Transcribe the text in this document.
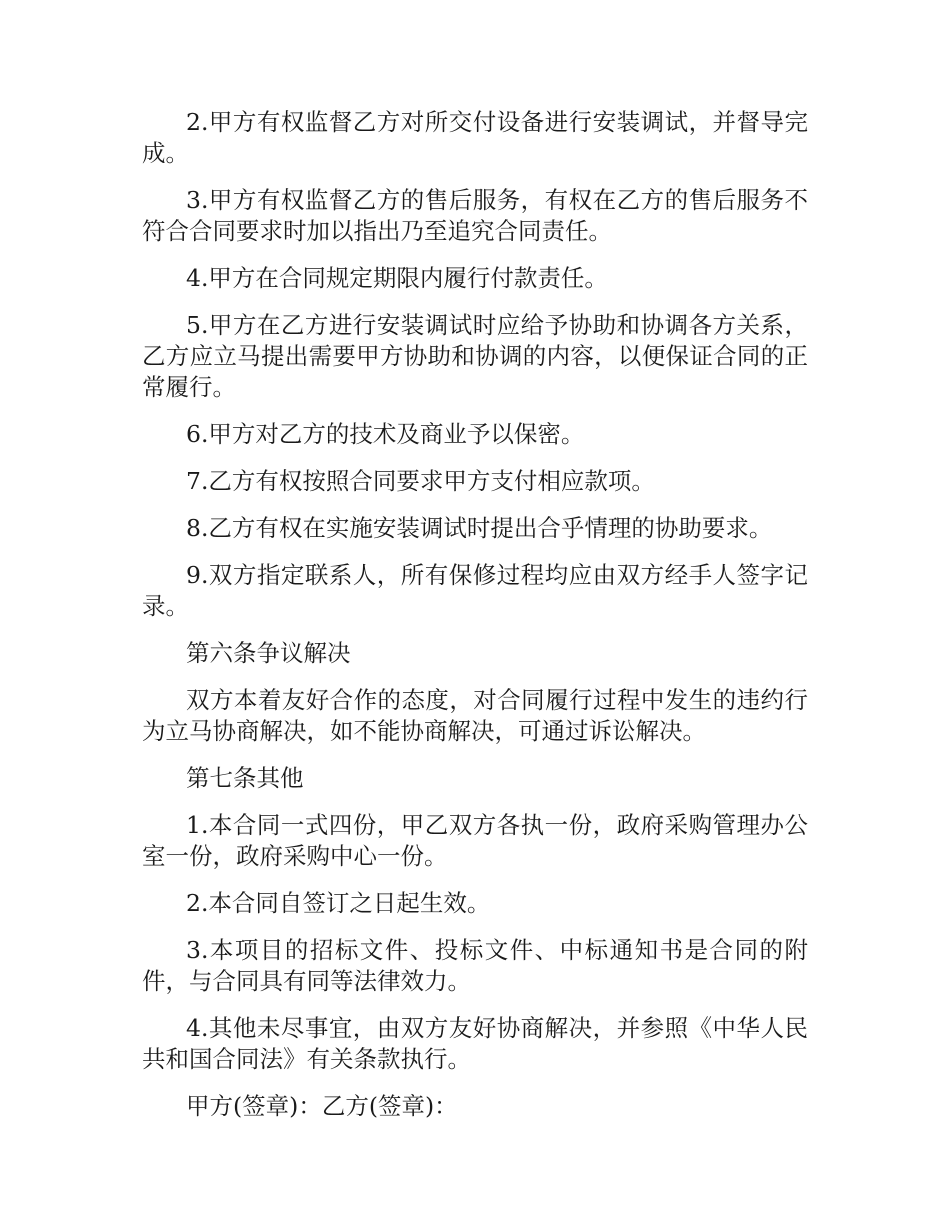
2.甲方有权监督乙方对所交付设备进行安装调试，并督导完成。

3.甲方有权监督乙方的售后服务，有权在乙方的售后服务不符合合同要求时加以指出乃至追究合同责任。

4.甲方在合同规定期限内履行付款责任。

5.甲方在乙方进行安装调试时应给予协助和协调各方关系，乙方应立马提出需要甲方协助和协调的内容，以便保证合同的正常履行。

6.甲方对乙方的技术及商业予以保密。

7.乙方有权按照合同要求甲方支付相应款项。

8.乙方有权在实施安装调试时提出合乎情理的协助要求。

9.双方指定联系人，所有保修过程均应由双方经手人签字记录。

第六条争议解决

双方本着友好合作的态度，对合同履行过程中发生的违约行为立马协商解决，如不能协商解决，可通过诉讼解决。

第七条其他

1.本合同一式四份，甲乙双方各执一份，政府采购管理办公室一份，政府采购中心一份。

2.本合同自签订之日起生效。

3.本项目的招标文件、投标文件、中标通知书是合同的附件，与合同具有同等法律效力。

4.其他未尽事宜，由双方友好协商解决，并参照《中华人民共和国合同法》有关条款执行。

甲方(签章)：乙方(签章)：
